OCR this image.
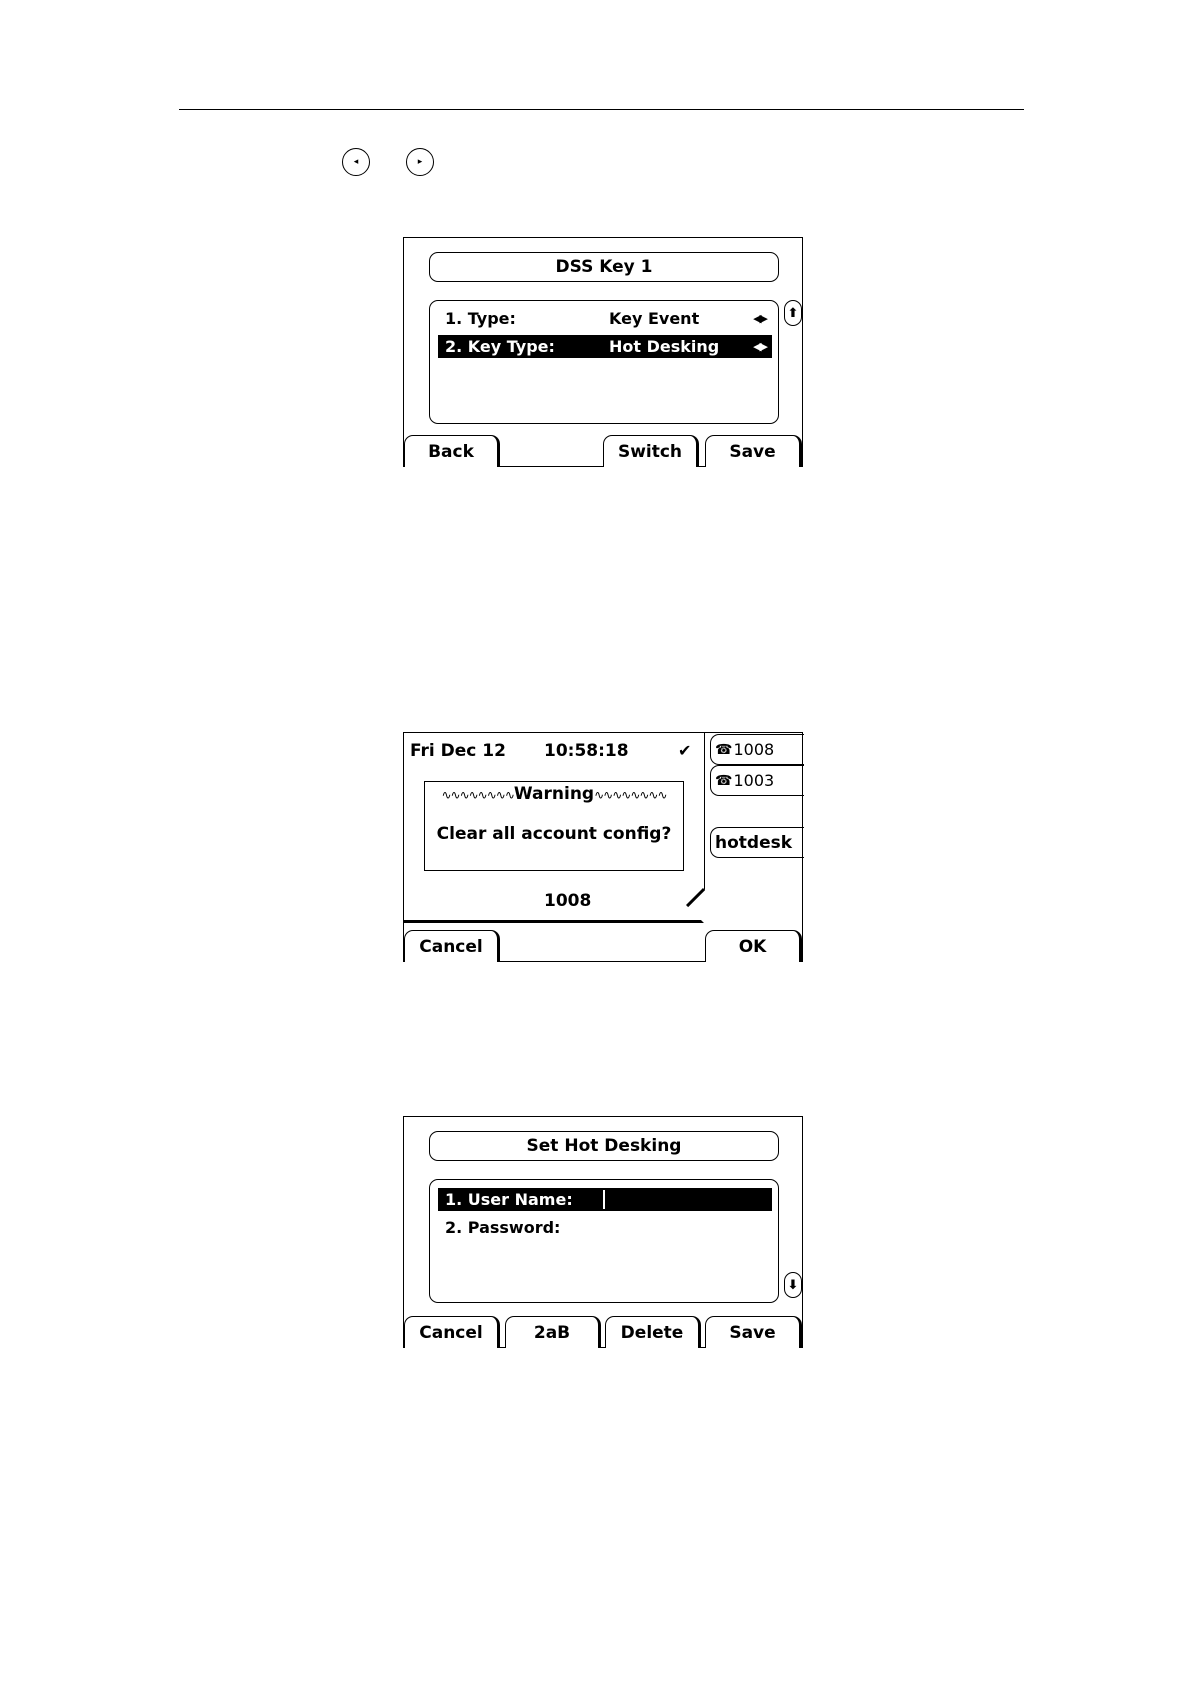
◂	▸
DSS Key 1
1. Type:	Key Event	◀▶
2. Key Type:	Hot Desking	◀▶
⬆
Back	Switch	Save
Fri Dec 12 10:58:18	✔
∿∿∿∿∿∿∿∿Warning∿∿∿∿∿∿∿∿
Clear all account config?
1008
☎ 1008
☎ 1003
hotdesk
Cancel	OK
Set Hot Desking
1. User Name:
2. Password:
⬇
Cancel	2aB	Delete	Save
